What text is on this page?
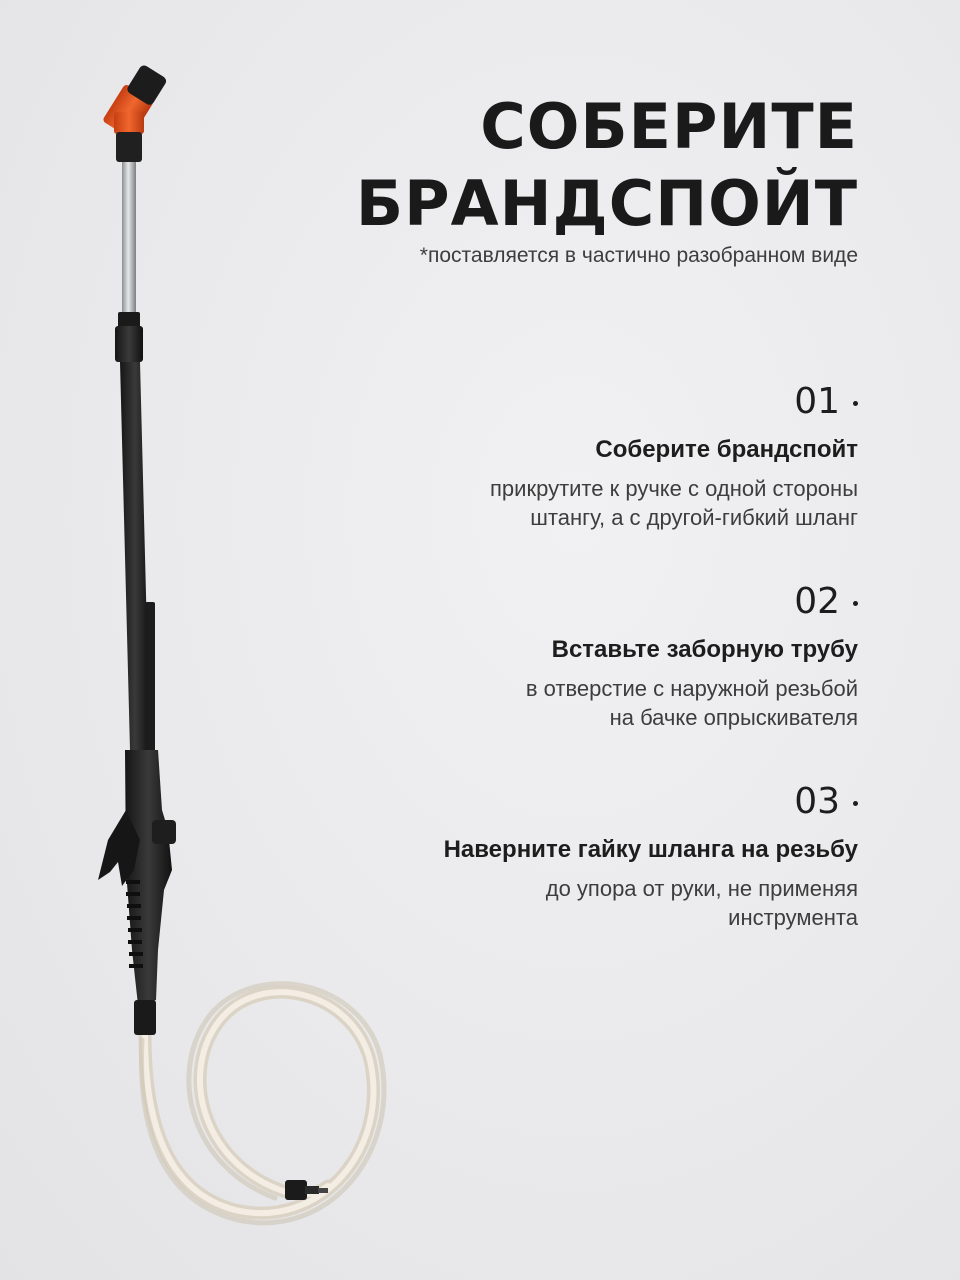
СОБЕРИТЕ
БРАНДСПОЙТ

*поставляется в частично разобранном виде

01

Соберите брандспойт

прикрутите к ручке с одной стороны
штангу, а с другой-гибкий шланг

02

Вставьте заборную трубу

в отверстие с наружной резьбой
на бачке опрыскивателя

03

Наверните гайку шланга на резьбу

до упора от руки, не применяя
инструмента
